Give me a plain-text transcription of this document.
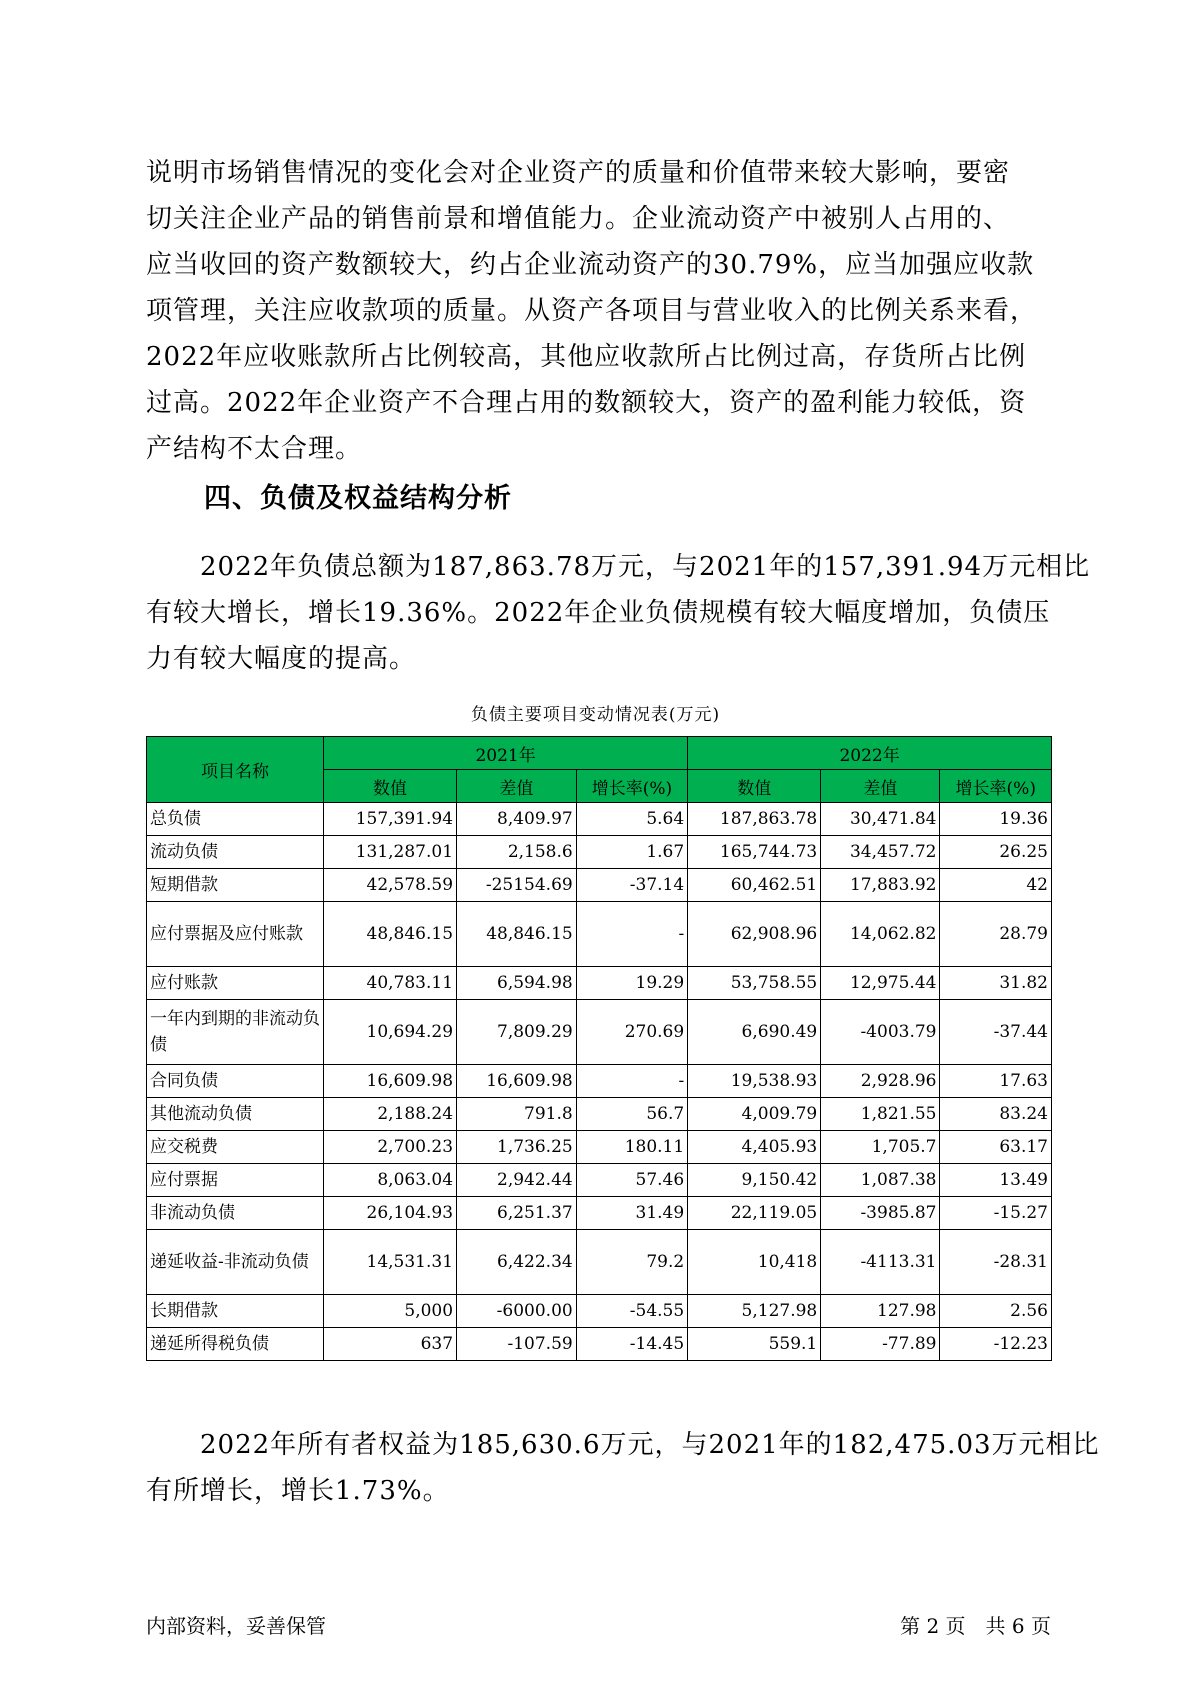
说明市场销售情况的变化会对企业资产的质量和价值带来较大影响，要密
切关注企业产品的销售前景和增值能力。企业流动资产中被别人占用的、
应当收回的资产数额较大，约占企业流动资产的30.79%，应当加强应收款
项管理，关注应收款项的质量。从资产各项目与营业收入的比例关系来看，
2022年应收账款所占比例较高，其他应收款所占比例过高，存货所占比例
过高。2022年企业资产不合理占用的数额较大，资产的盈利能力较低，资
产结构不太合理。
四、负债及权益结构分析
　　2022年负债总额为187,863.78万元，与2021年的157,391.94万元相比
有较大增长，增长19.36%。2022年企业负债规模有较大幅度增加，负债压
力有较大幅度的提高。
负债主要项目变动情况表(万元)
项目名称	2021年			2022年		
	数值	差值	增长率(%)	数值	差值	增长率(%)
总负债	157,391.94	8,409.97	5.64	187,863.78	30,471.84	19.36
流动负债	131,287.01	2,158.6	1.67	165,744.73	34,457.72	26.25
短期借款	42,578.59	-25154.69	-37.14	60,462.51	17,883.92	42
应付票据及应付账款	48,846.15	48,846.15	-	62,908.96	14,062.82	28.79
应付账款	40,783.11	6,594.98	19.29	53,758.55	12,975.44	31.82
一年内到期的非流动负债	10,694.29	7,809.29	270.69	6,690.49	-4003.79	-37.44
合同负债	16,609.98	16,609.98	-	19,538.93	2,928.96	17.63
其他流动负债	2,188.24	791.8	56.7	4,009.79	1,821.55	83.24
应交税费	2,700.23	1,736.25	180.11	4,405.93	1,705.7	63.17
应付票据	8,063.04	2,942.44	57.46	9,150.42	1,087.38	13.49
非流动负债	26,104.93	6,251.37	31.49	22,119.05	-3985.87	-15.27
递延收益-非流动负债	14,531.31	6,422.34	79.2	10,418	-4113.31	-28.31
长期借款	5,000	-6000.00	-54.55	5,127.98	127.98	2.56
递延所得税负债	637	-107.59	-14.45	559.1	-77.89	-12.23
　　2022年所有者权益为185,630.6万元，与2021年的182,475.03万元相比
有所增长，增长1.73%。
内部资料，妥善保管	第 2 页　共 6 页
